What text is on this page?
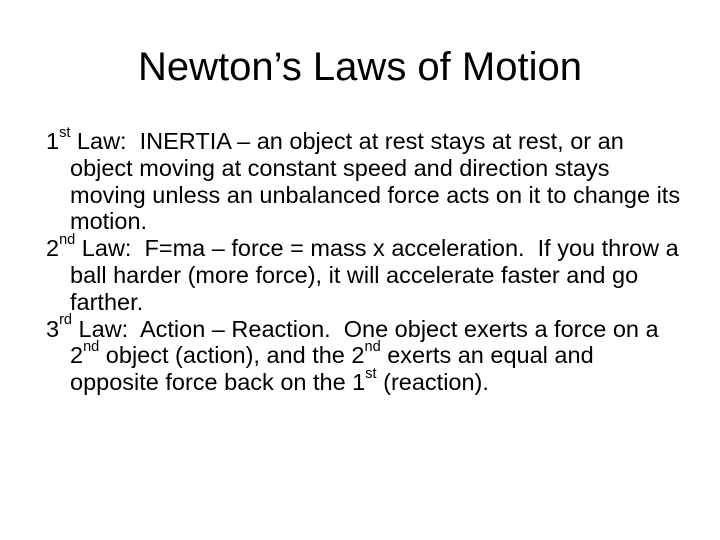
Newton’s Laws of Motion

1st Law:  INERTIA – an object at rest stays at rest, or an object moving at constant speed and direction stays moving unless an unbalanced force acts on it to change its motion.

2nd Law:  F=ma – force = mass x acceleration.  If you throw a ball harder (more force), it will accelerate faster and go farther.

3rd Law:  Action – Reaction.  One object exerts a force on a 2nd object (action), and the 2nd exerts an equal and opposite force back on the 1st (reaction).
